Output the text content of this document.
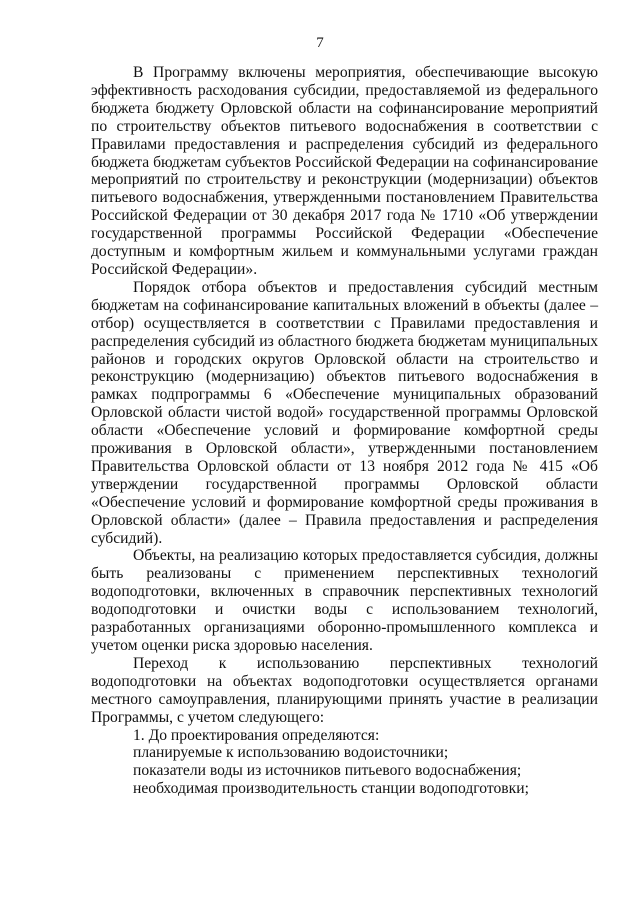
7

В Программу включены мероприятия, обеспечивающие высокую эффективность расходования субсидии, предоставляемой из федерального бюджета бюджету Орловской области на софинансирование мероприятий по строительству объектов питьевого водоснабжения в соответствии с Правилами предоставления и распределения субсидий из федерального бюджета бюджетам субъектов Российской Федерации на софинансирование мероприятий по строительству и реконструкции (модернизации) объектов питьевого водоснабжения, утвержденными постановлением Правительства Российской Федерации от 30 декабря 2017 года № 1710 «Об утверждении государственной программы Российской Федерации «Обеспечение доступным и комфортным жильем и коммунальными услугами граждан Российской Федерации».

Порядок отбора объектов и предоставления субсидий местным бюджетам на софинансирование капитальных вложений в объекты (далее – отбор) осуществляется в соответствии с Правилами предоставления и распределения субсидий из областного бюджета бюджетам муниципальных районов и городских округов Орловской области на строительство и реконструкцию (модернизацию) объектов питьевого водоснабжения в рамках подпрограммы 6 «Обеспечение муниципальных образований Орловской области чистой водой» государственной программы Орловской области «Обеспечение условий и формирование комфортной среды проживания в Орловской области», утвержденными постановлением Правительства Орловской области от 13 ноября 2012 года № 415 «Об утверждении государственной программы Орловской области «Обеспечение условий и формирование комфортной среды проживания в Орловской области» (далее – Правила предоставления и распределения субсидий).

Объекты, на реализацию которых предоставляется субсидия, должны быть реализованы с применением перспективных технологий водоподготовки, включенных в справочник перспективных технологий водоподготовки и очистки воды с использованием технологий, разработанных организациями оборонно-промышленного комплекса и учетом оценки риска здоровью населения.

Переход к использованию перспективных технологий водоподготовки на объектах водоподготовки осуществляется органами местного самоуправления, планирующими принять участие в реализации Программы, с учетом следующего:

1. До проектирования определяются:

планируемые к использованию водоисточники;

показатели воды из источников питьевого водоснабжения;

необходимая производительность станции водоподготовки;
